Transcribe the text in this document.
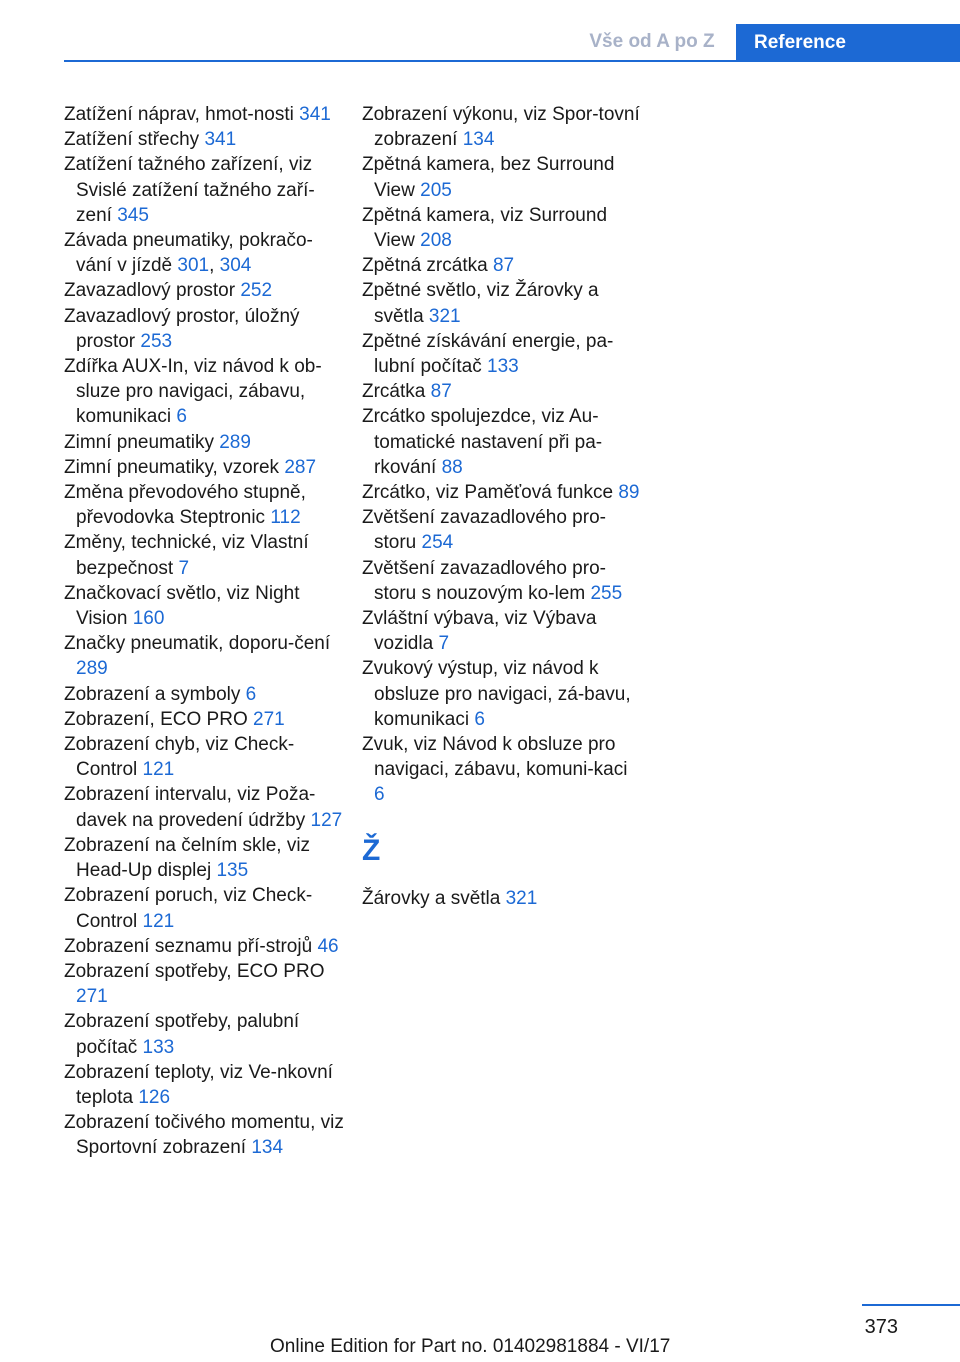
Vše od A po Z	Reference

Zatížení náprav, hmot-nosti 341

Zatížení střechy 341

Zatížení tažného zařízení, viz Svislé zatížení tažného zaří-zení 345

Závada pneumatiky, pokračo-vání v jízdě 301, 304

Zavazadlový prostor 252

Zavazadlový prostor, úložný prostor 253

Zdířka AUX-In, viz návod k ob-sluze pro navigaci, zábavu, komunikaci 6

Zimní pneumatiky 289

Zimní pneumatiky, vzorek 287

Změna převodového stupně, převodovka Steptronic 112

Změny, technické, viz Vlastní bezpečnost 7

Značkovací světlo, viz Night Vision 160

Značky pneumatik, doporu-čení 289

Zobrazení a symboly 6

Zobrazení, ECO PRO 271

Zobrazení chyb, viz Check-Control 121

Zobrazení intervalu, viz Poža-davek na provedení údržby 127

Zobrazení na čelním skle, viz Head-Up displej 135

Zobrazení poruch, viz Check-Control 121

Zobrazení seznamu pří-strojů 46

Zobrazení spotřeby, ECO PRO 271

Zobrazení spotřeby, palubní počítač 133

Zobrazení teploty, viz Ve-nkovní teplota 126

Zobrazení točivého momentu, viz Sportovní zobrazení 134

Zobrazení výkonu, viz Spor-tovní zobrazení 134

Zpětná kamera, bez Surround View 205

Zpětná kamera, viz Surround View 208

Zpětná zrcátka 87

Zpětné světlo, viz Žárovky a světla 321

Zpětné získávání energie, pa-lubní počítač 133

Zrcátka 87

Zrcátko spolujezdce, viz Au-tomatické nastavení při pa-rkování 88

Zrcátko, viz Paměťová funkce 89

Zvětšení zavazadlového pro-storu 254

Zvětšení zavazadlového pro-storu s nouzovým ko-lem 255

Zvláštní výbava, viz Výbava vozidla 7

Zvukový výstup, viz návod k obsluze pro navigaci, zá-bavu, komunikaci 6

Zvuk, viz Návod k obsluze pro navigaci, zábavu, komuni-kaci 6

Ž

Žárovky a světla 321

373
Online Edition for Part no. 01402981884 - VI/17
